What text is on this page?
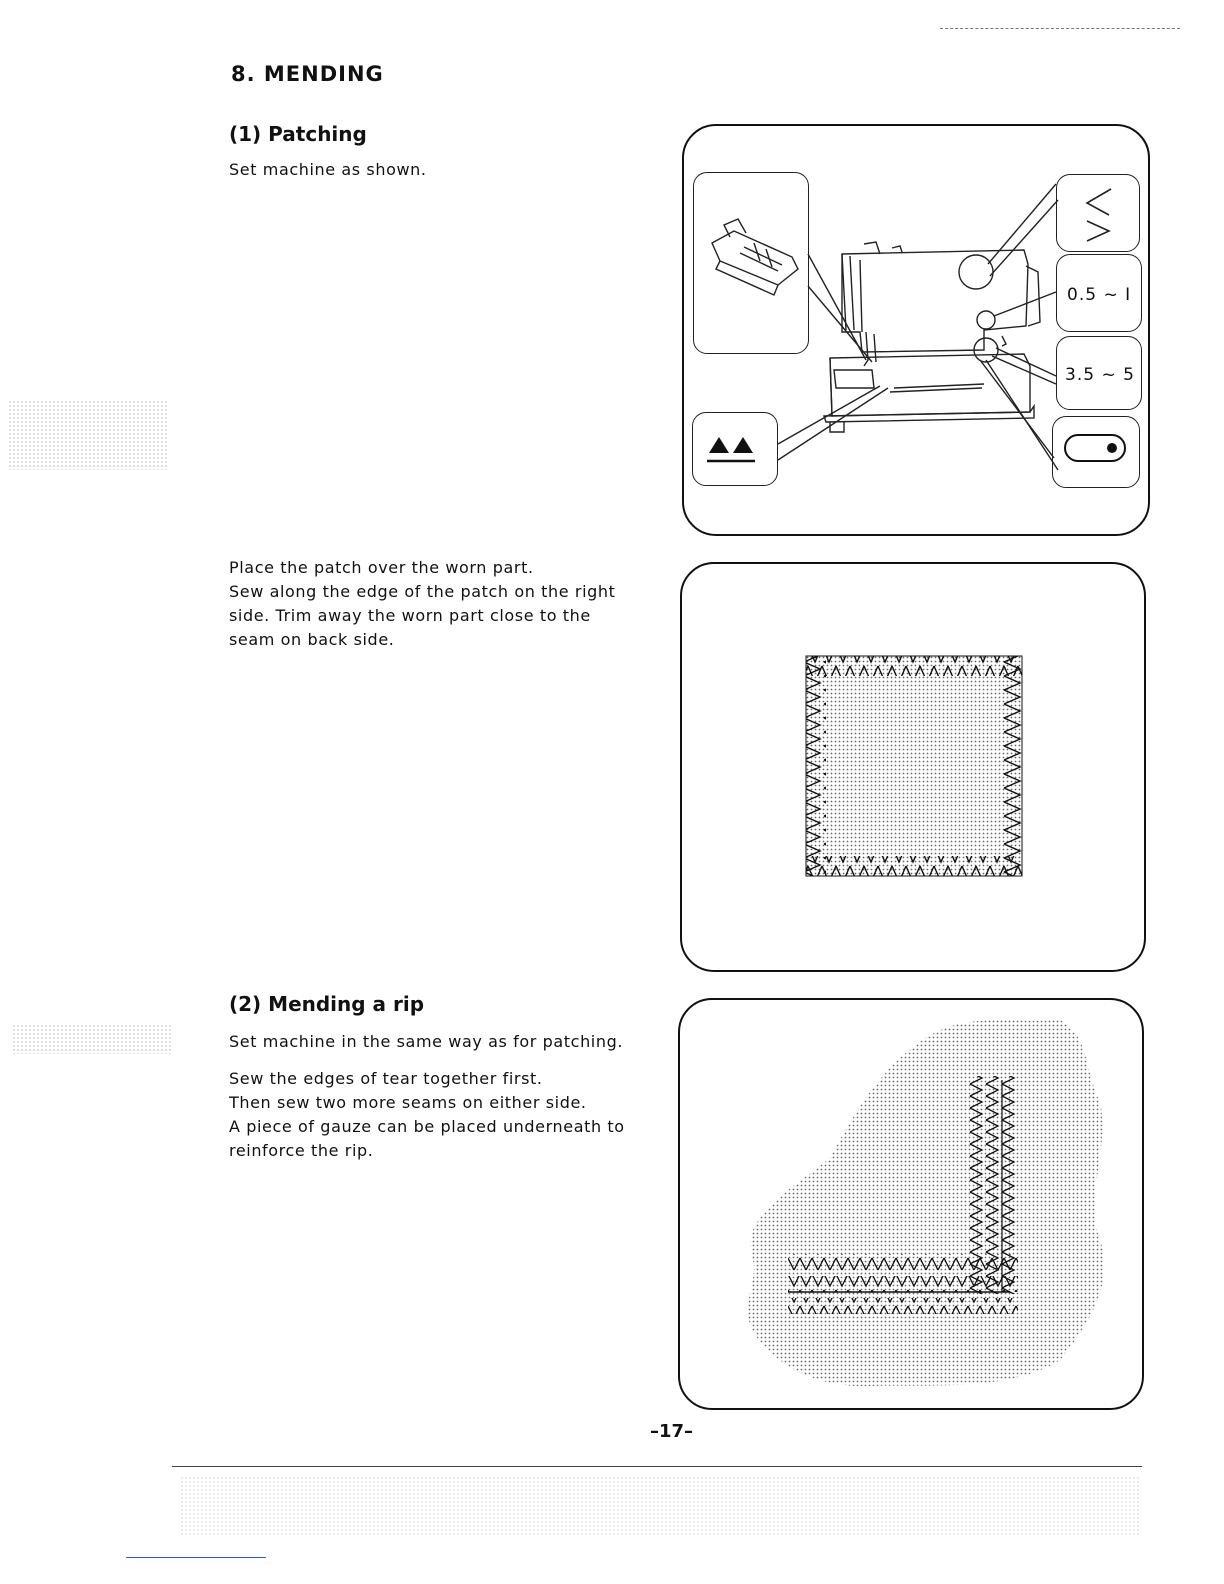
8. MENDING
(1) Patching

Set machine as shown.

Place the patch over the worn part.

Sew along the edge of the patch on the right

side. Trim away the worn part close to the

seam on back side.

(2) Mending a rip

Set machine in the same way as for patching.

Sew the edges of tear together first.

Then sew two more seams on either side.

A piece of gauze can be placed underneath to

reinforce the rip.

0.5 ~ I
3.5 ~ 5
–17–
